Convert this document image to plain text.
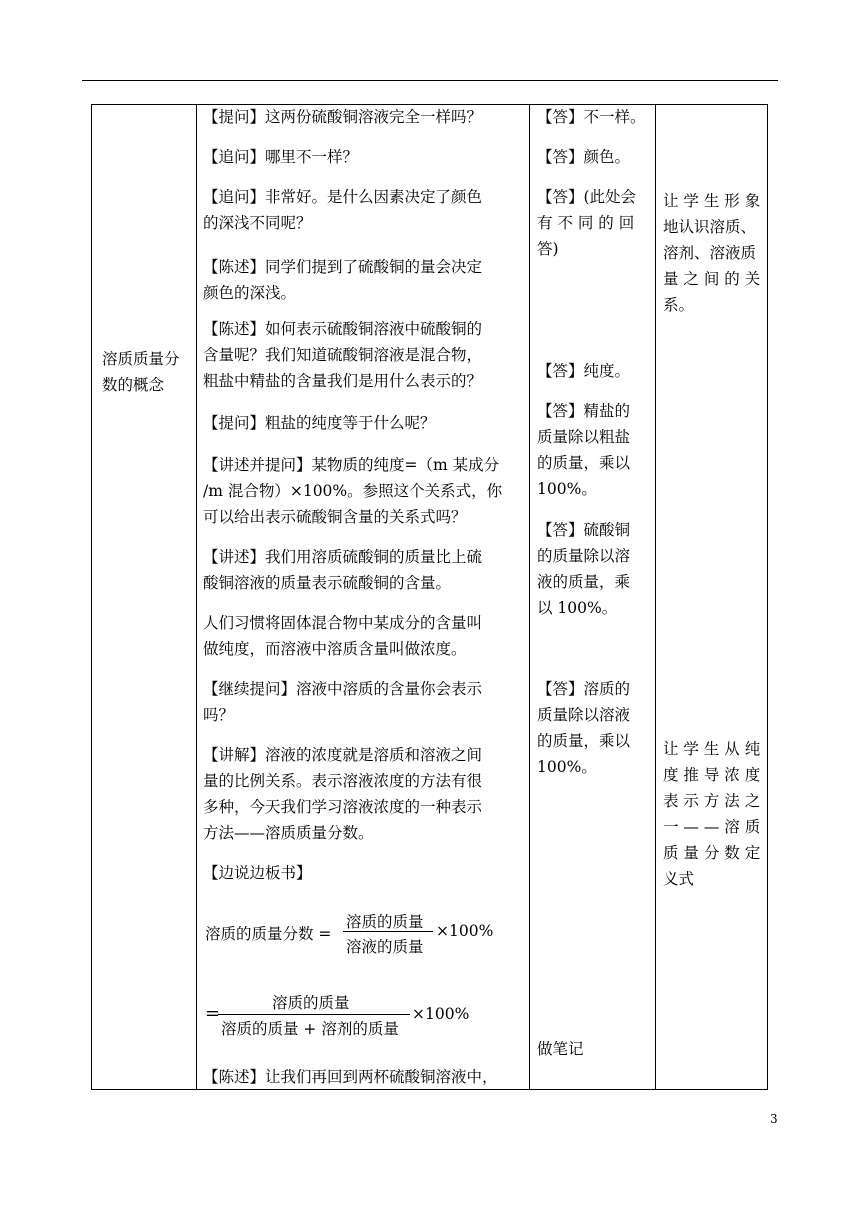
溶质质量分
数的概念
【提问】这两份硫酸铜溶液完全一样吗？
【追问】哪里不一样？
【追问】非常好。是什么因素决定了颜色
的深浅不同呢？
【陈述】同学们提到了硫酸铜的量会决定
颜色的深浅。
【陈述】如何表示硫酸铜溶液中硫酸铜的
含量呢？我们知道硫酸铜溶液是混合物，
粗盐中精盐的含量我们是用什么表示的？
【提问】粗盐的纯度等于什么呢？
【讲述并提问】某物质的纯度=（m 某成分
/m 混合物）×100%。参照这个关系式，你
可以给出表示硫酸铜含量的关系式吗？
【讲述】我们用溶质硫酸铜的质量比上硫
酸铜溶液的质量表示硫酸铜的含量。
人们习惯将固体混合物中某成分的含量叫
做纯度，而溶液中溶质含量叫做浓度。
【继续提问】溶液中溶质的含量你会表示
吗？
【讲解】溶液的浓度就是溶质和溶液之间
量的比例关系。表示溶液浓度的方法有很
多种，今天我们学习溶液浓度的一种表示
方法——溶质质量分数。
【边说边板书】
溶质的质量分数 =
溶质的质量
溶液的质量
×100%
=	溶质的质量
溶质的质量 + 溶剂的质量
×100%
【陈述】让我们再回到两杯硫酸铜溶液中，
【答】不一样。
【答】颜色。
【答】(此处会
有 不 同 的 回
答)
【答】纯度。
【答】精盐的
质量除以粗盐
的质量，乘以
100%。
【答】硫酸铜
的质量除以溶
液的质量，乘
以 100%。
【答】溶质的
质量除以溶液
的质量，乘以
100%。
做笔记
让 学 生 形 象
地认识溶质、
溶剂、溶液质
量 之 间 的 关
系。
让 学 生 从 纯
度 推 导 浓 度
表 示 方 法 之
一 — — 溶 质
质 量 分 数 定
义式
3
